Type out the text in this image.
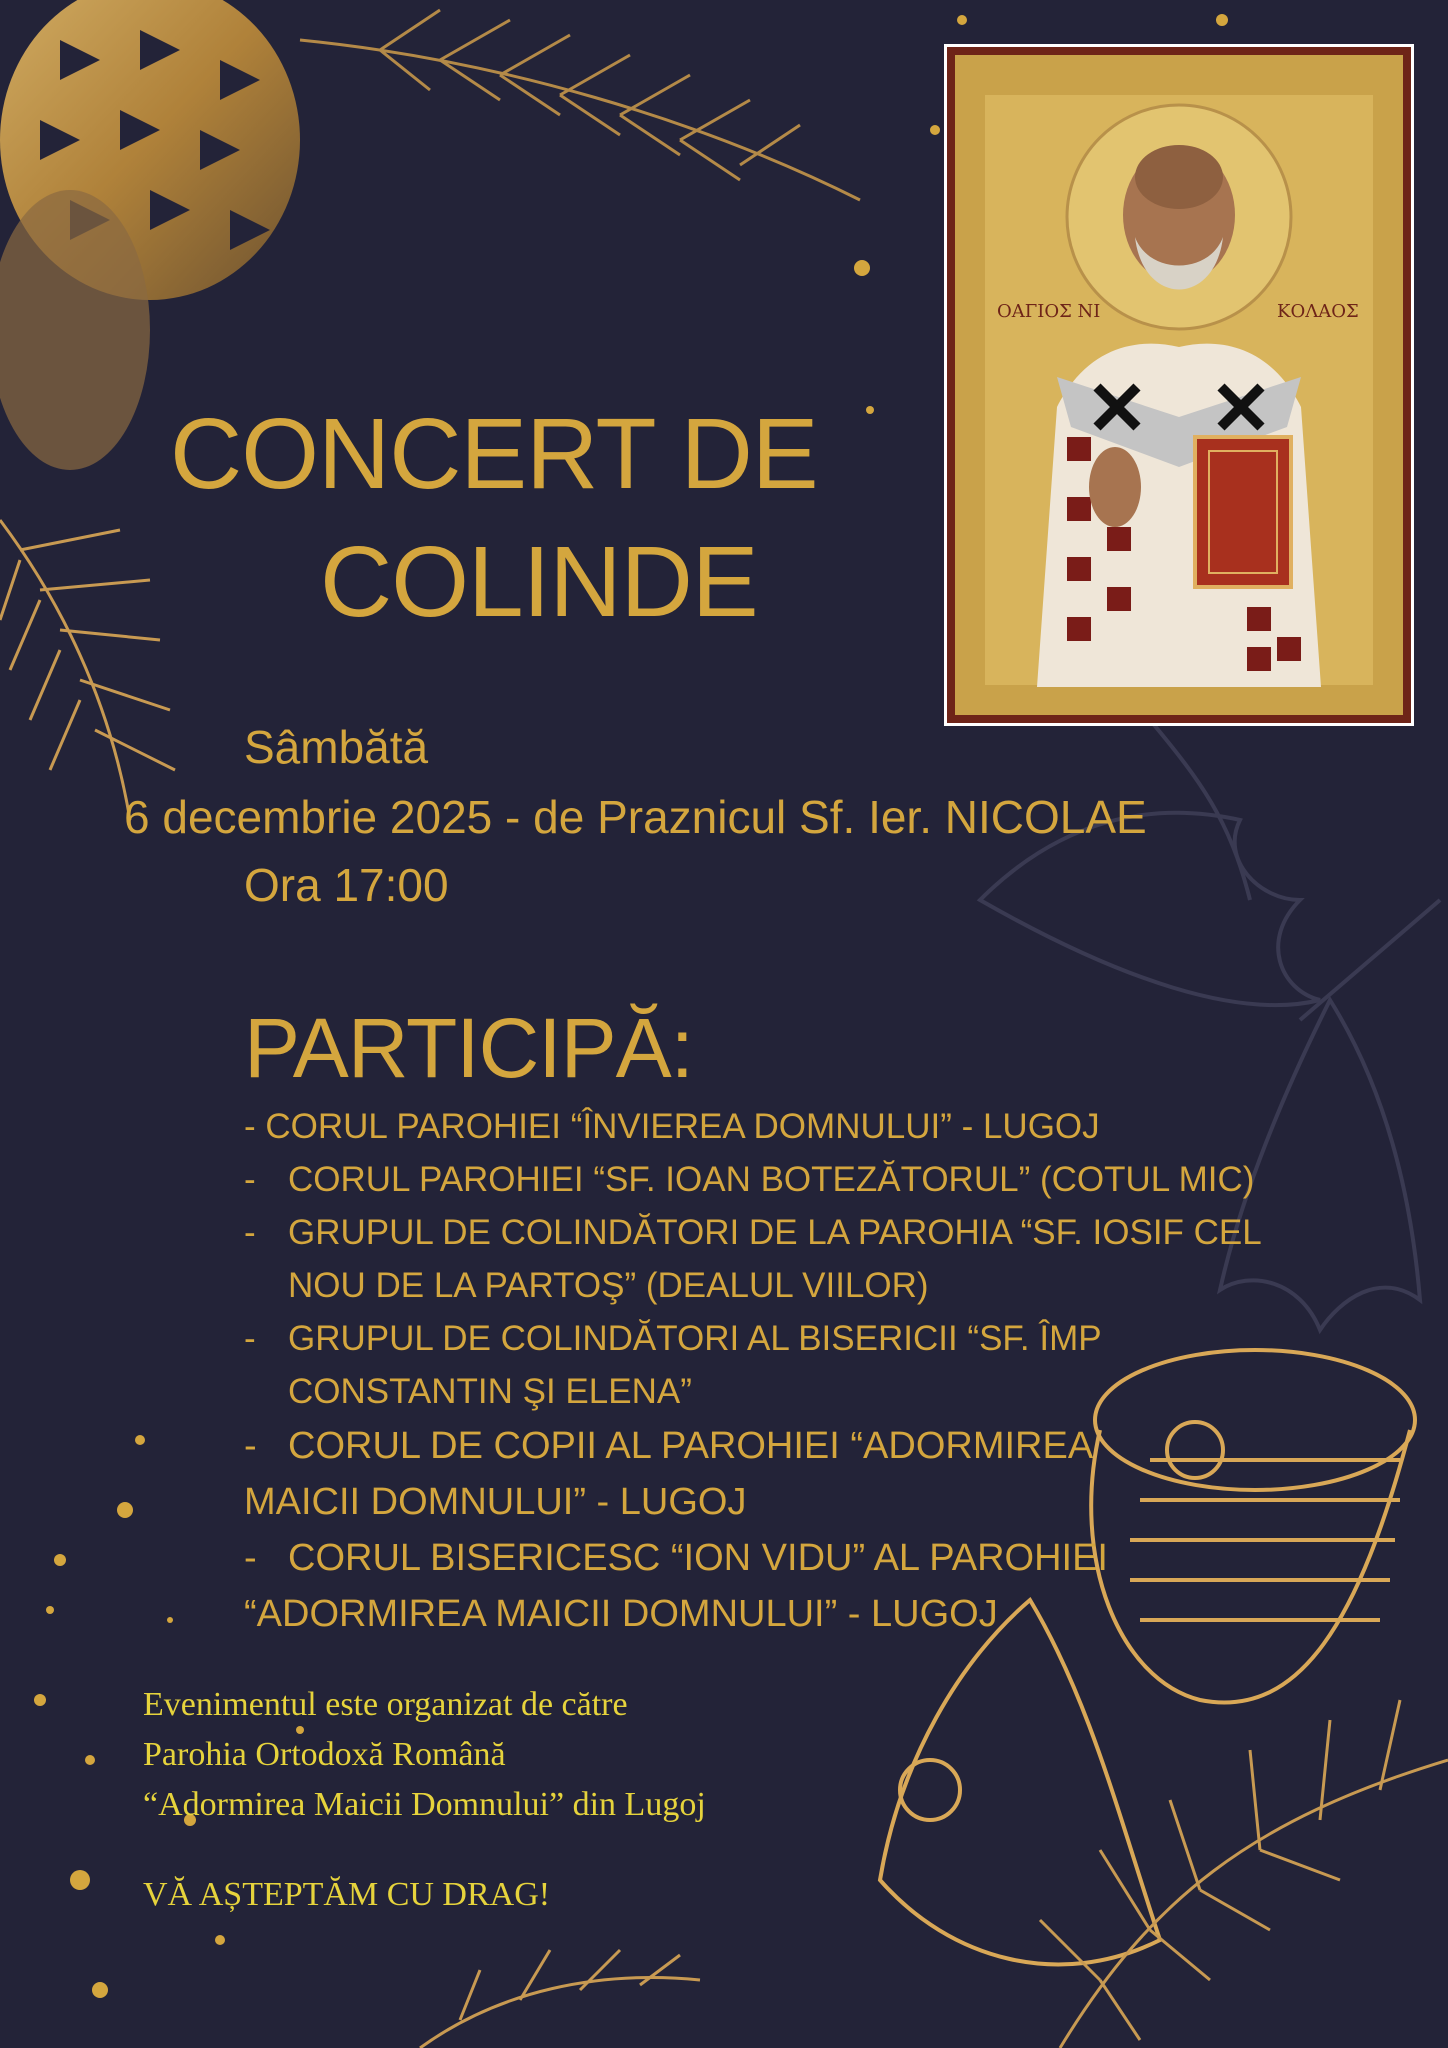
CONCERT DE
COLINDE
ΟΑΓΙΟΣ ΝΙ	ΚΟΛΑΟΣ
Sâmbătă
6 decembrie 2025 - de Praznicul Sf. Ier. NICOLAE
Ora 17:00
PARTICIPĂ:
- CORUL PAROHIEI “ÎNVIEREA DOMNULUI” - LUGOJ
- CORUL PAROHIEI “SF. IOAN BOTEZĂTORUL” (COTUL MIC)
- GRUPUL DE COLINDĂTORI DE LA PAROHIA “SF. IOSIF CEL
NOU DE LA PARTOŞ” (DEALUL VIILOR)
- GRUPUL DE COLINDĂTORI AL BISERICII “SF. ÎMP
CONSTANTIN ŞI ELENA”
- CORUL DE COPII AL PAROHIEI “ADORMIREA
MAICII DOMNULUI” - LUGOJ
- CORUL BISERICESC “ION VIDU” AL PAROHIEI
“ADORMIREA MAICII DOMNULUI” - LUGOJ
Evenimentul este organizat de către
Parohia Ortodoxă Română
“Adormirea Maicii Domnului” din Lugoj
VĂ AȘTEPTĂM CU DRAG!
